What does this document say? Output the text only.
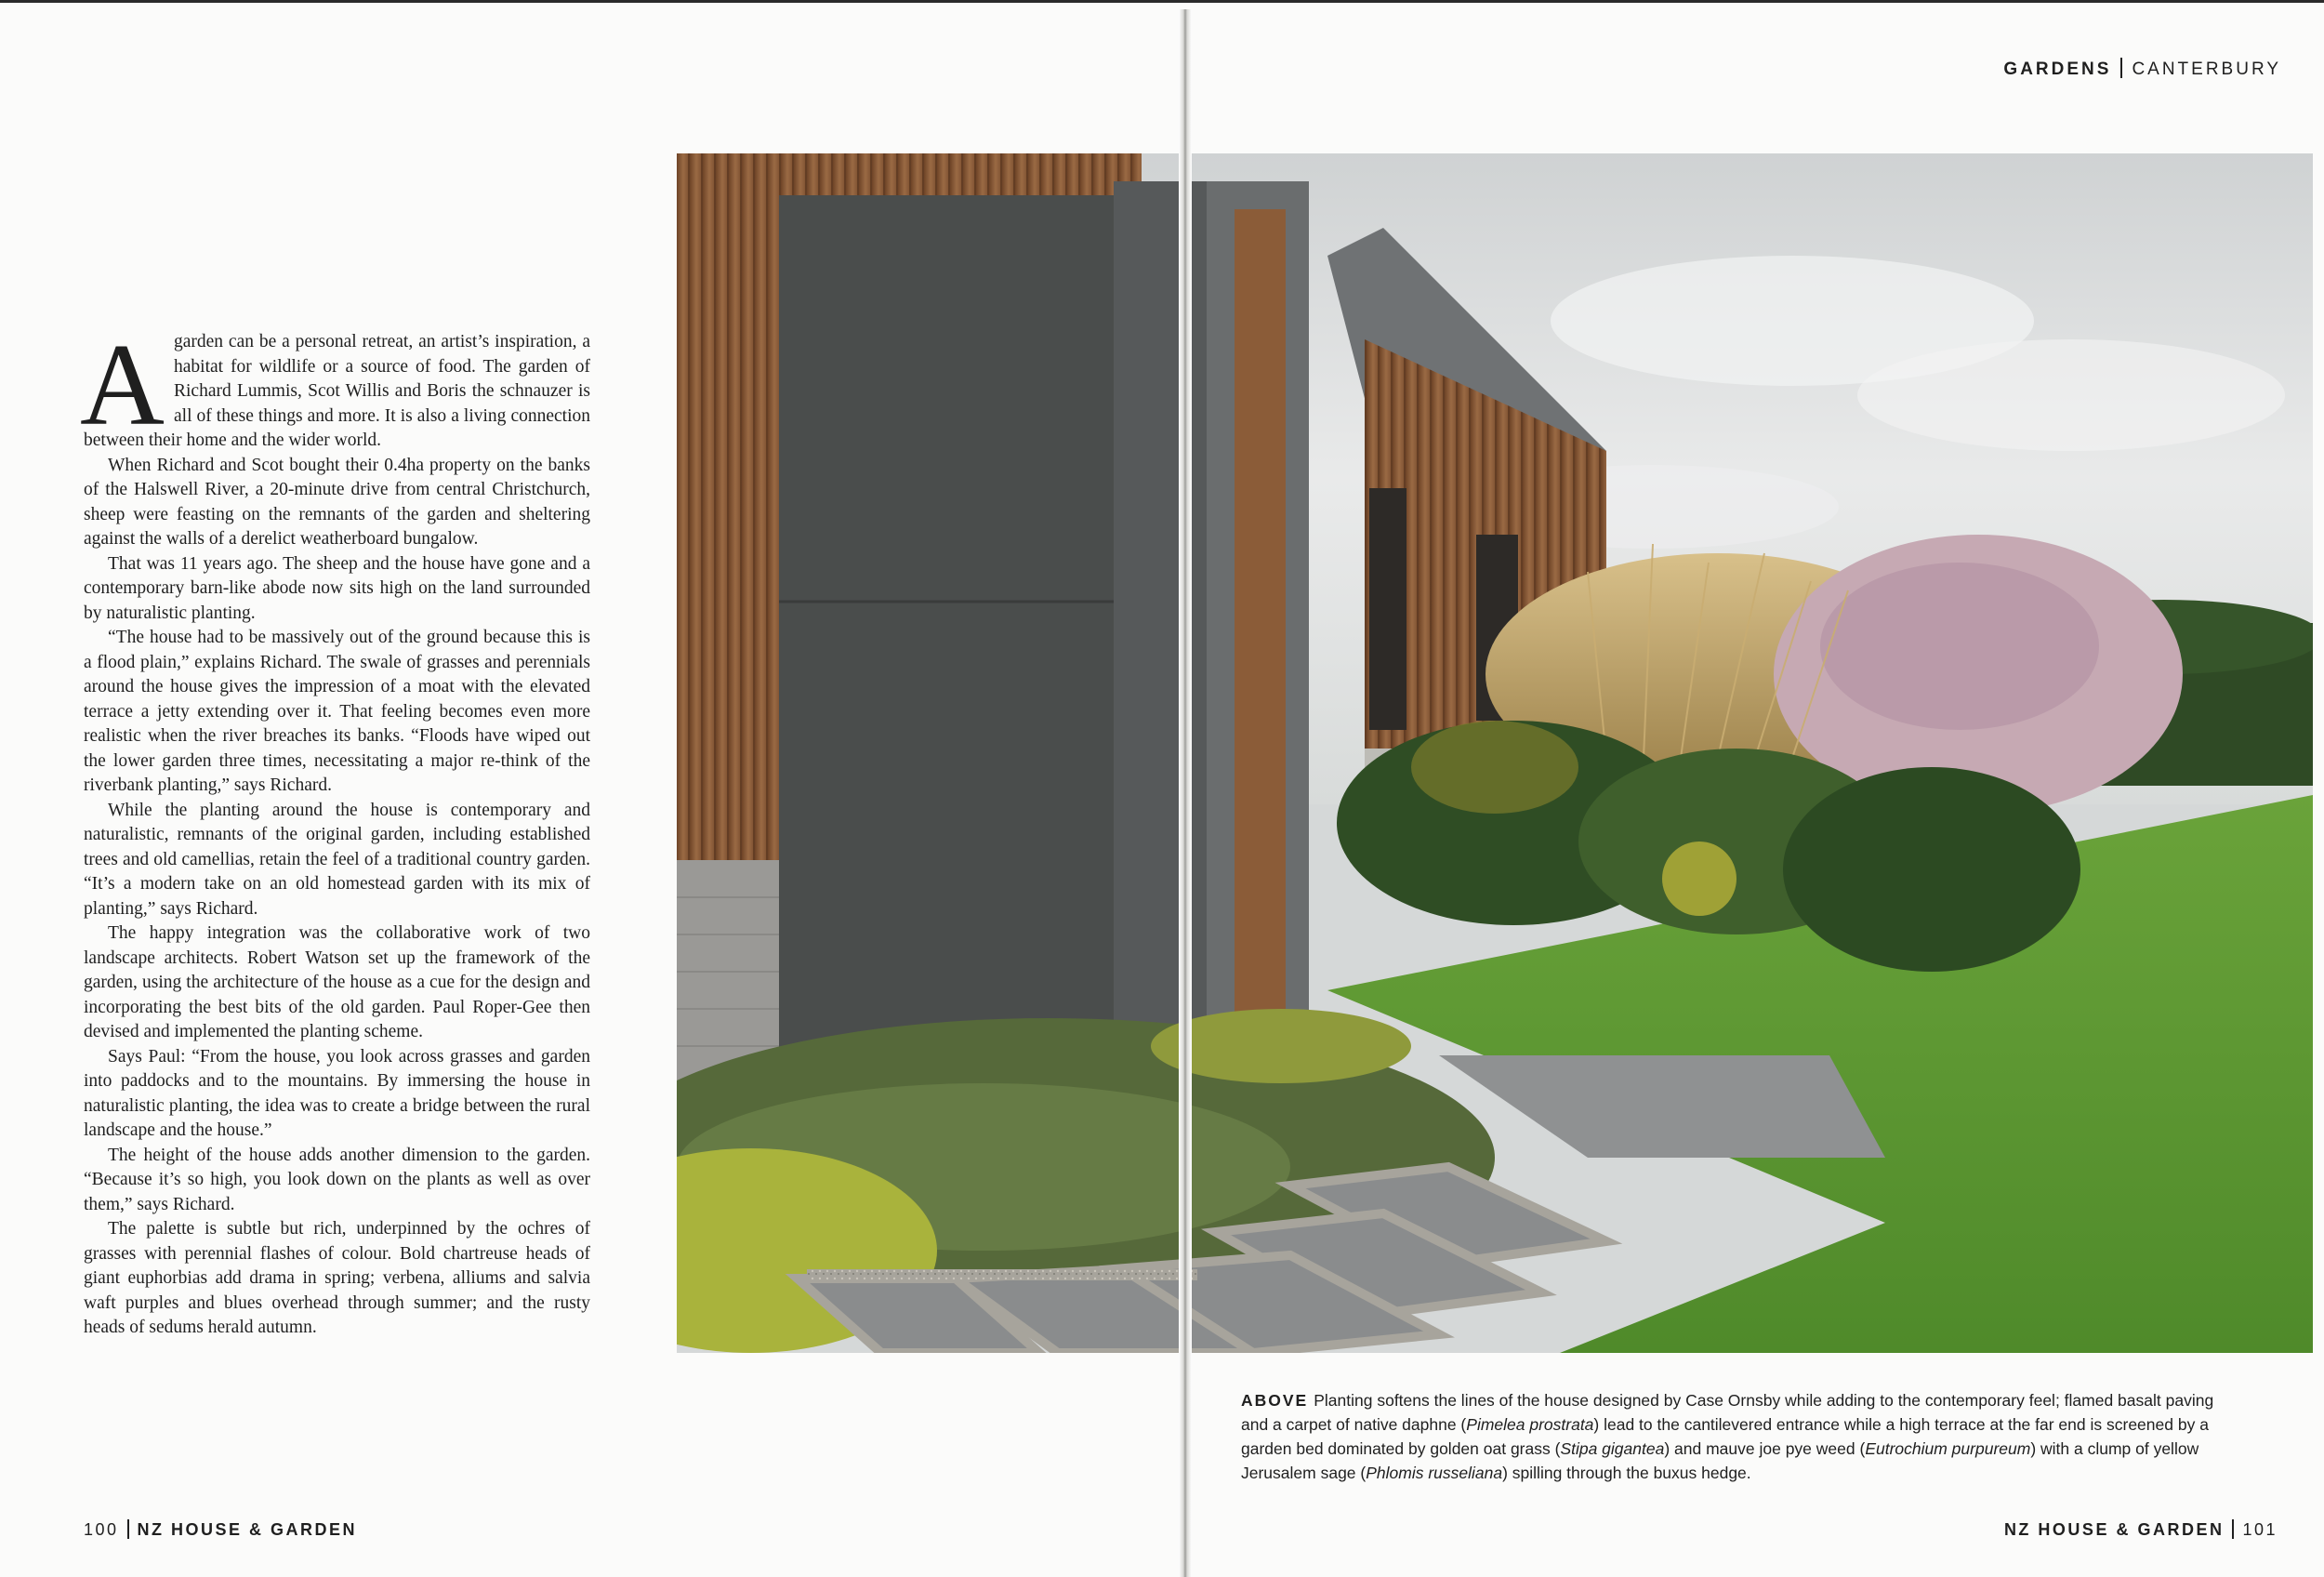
GARDENS CANTERBURY

Agarden can be a personal retreat, an artist’s inspiration, a habitat for wildlife or a source of food. The garden of Richard Lummis, Scot Willis and Boris the schnauzer is all of these things and more. It is also a living connection between their home and the wider world.

When Richard and Scot bought their 0.4ha property on the banks of the Halswell River, a 20-minute drive from central Christchurch, sheep were feasting on the remnants of the garden and sheltering against the walls of a derelict weatherboard bungalow.

That was 11 years ago. The sheep and the house have gone and a contemporary barn-like abode now sits high on the land surrounded by naturalistic planting.

“The house had to be massively out of the ground because this is a flood plain,” explains Richard. The swale of grasses and perennials around the house gives the impression of a moat with the elevated terrace a jetty extending over it. That feeling becomes even more realistic when the river breaches its banks. “Floods have wiped out the lower garden three times, necessitating a major re-think of the riverbank planting,” says Richard.

While the planting around the house is contemporary and naturalistic, remnants of the original garden, including established trees and old camellias, retain the feel of a traditional country garden. “It’s a modern take on an old homestead garden with its mix of planting,” says Richard.

The happy integration was the collaborative work of two landscape architects. Robert Watson set up the framework of the garden, using the architecture of the house as a cue for the design and incorporating the best bits of the old garden. Paul Roper-Gee then devised and implemented the planting scheme.

Says Paul: “From the house, you look across grasses and garden into paddocks and to the mountains. By immersing the house in naturalistic planting, the idea was to create a bridge between the rural landscape and the house.”

The height of the house adds another dimension to the garden. “Because it’s so high, you look down on the plants as well as over them,” says Richard.

The palette is subtle but rich, underpinned by the ochres of grasses with perennial flashes of colour. Bold chartreuse heads of giant euphorbias add drama in spring; verbena, alliums and salvia waft purples and blues overhead through summer; and the rusty heads of sedums herald autumn.

ABOVE Planting softens the lines of the house designed by Case Ornsby while adding to the contemporary feel; flamed basalt paving and a carpet of native daphne (Pimelea prostrata) lead to the cantilevered entrance while a high terrace at the far end is screened by a garden bed dominated by golden oat grass (Stipa gigantea) and mauve joe pye weed (Eutrochium purpureum) with a clump of yellow Jerusalem sage (Phlomis russeliana) spilling through the buxus hedge.
100 NZ HOUSE & GARDEN	NZ HOUSE & GARDEN 101
